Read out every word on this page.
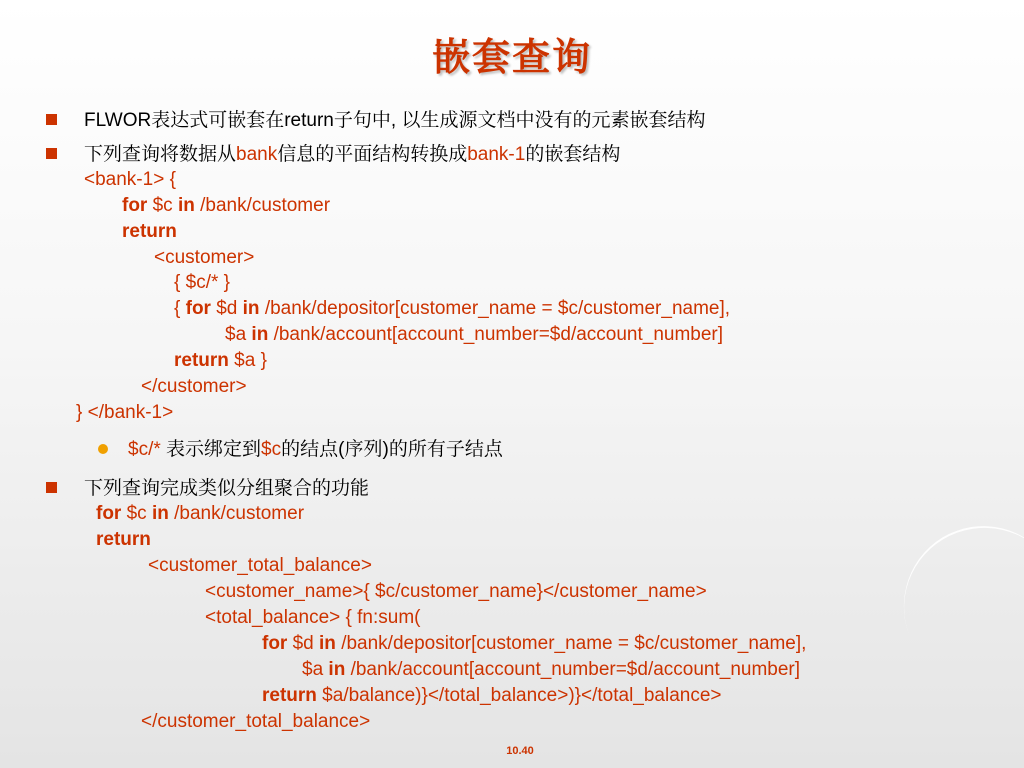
嵌套查询
FLWOR表达式可嵌套在return子句中, 以生成源文档中没有的元素嵌套结构
下列查询将数据从bank信息的平面结构转换成bank-1的嵌套结构
<bank-1> {
for $c in /bank/customer
return
<customer>
{ $c/* }
{ for $d in /bank/depositor[customer_name = $c/customer_name],
$a in /bank/account[account_number=$d/account_number]
return $a }
</customer>
} </bank-1>
$c/* 表示绑定到$c的结点(序列)的所有子结点
下列查询完成类似分组聚合的功能
for $c in /bank/customer
return
<customer_total_balance>
<customer_name>{ $c/customer_name}</customer_name>
<total_balance> { fn:sum(
for $d in /bank/depositor[customer_name = $c/customer_name],
$a in /bank/account[account_number=$d/account_number]
return $a/balance)}</total_balance>)}</total_balance>
</customer_total_balance>
10.40
